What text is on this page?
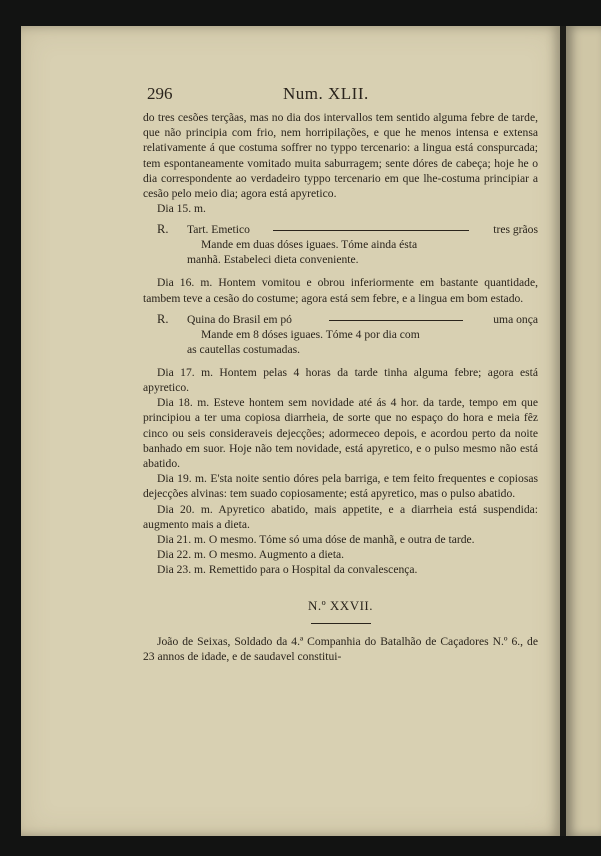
296	Num. XLII.

do tres cesões terçãas, mas no dia dos intervallos tem sentido alguma febre de tarde, que não principia com frio, nem horripilações, e que he menos intensa e extensa relativamente á que costuma soffrer no typpo tercenario: a lingua está conspurcada; tem espontaneamente vomitado muita saburragem; sente dóres de cabeça; hoje he o dia correspondente ao verdadeiro typpo tercenario em que lhe-costuma principiar a cesão pelo meio dia; agora está apyretico.

Dia 15. m.

R. Tart. Emetico	tres grãos
Mande em duas dóses iguaes. Tóme ainda ésta
manhã. Estabeleci dieta conveniente.

Dia 16. m. Hontem vomitou e obrou inferiormente em bastante quantidade, tambem teve a cesão do costume; agora está sem febre, e a lingua em bom estado.

R. Quina do Brasil em pó	uma onça
Mande em 8 dóses iguaes. Tóme 4 por dia com
as cautellas costumadas.

Dia 17. m. Hontem pelas 4 horas da tarde tinha alguma febre; agora está apyretico.

Dia 18. m. Esteve hontem sem novidade até ás 4 hor. da tarde, tempo em que principiou a ter uma copiosa diarrheia, de sorte que no espaço do hora e meia fêz cinco ou seis consideraveis dejecções; adormeceo depois, e acordou perto da noite banhado em suor. Hoje não tem novidade, está apyretico, e o pulso mesmo não está abatido.

Dia 19. m. E'sta noite sentio dóres pela barriga, e tem feito frequentes e copiosas dejecções alvinas: tem suado copiosamente; está apyretico, mas o pulso abatido.

Dia 20. m. Apyretico abatido, mais appetite, e a diarrheia está suspendida: augmento mais a dieta.

Dia 21. m. O mesmo. Tóme só uma dóse de manhã, e outra de tarde.

Dia 22. m. O mesmo. Augmento a dieta.

Dia 23. m. Remettido para o Hospital da convalescença.

N.º XXVII.

João de Seixas, Soldado da 4.ª Companhia do Batalhão de Caçadores N.º 6., de 23 annos de idade, e de saudavel constitui-
